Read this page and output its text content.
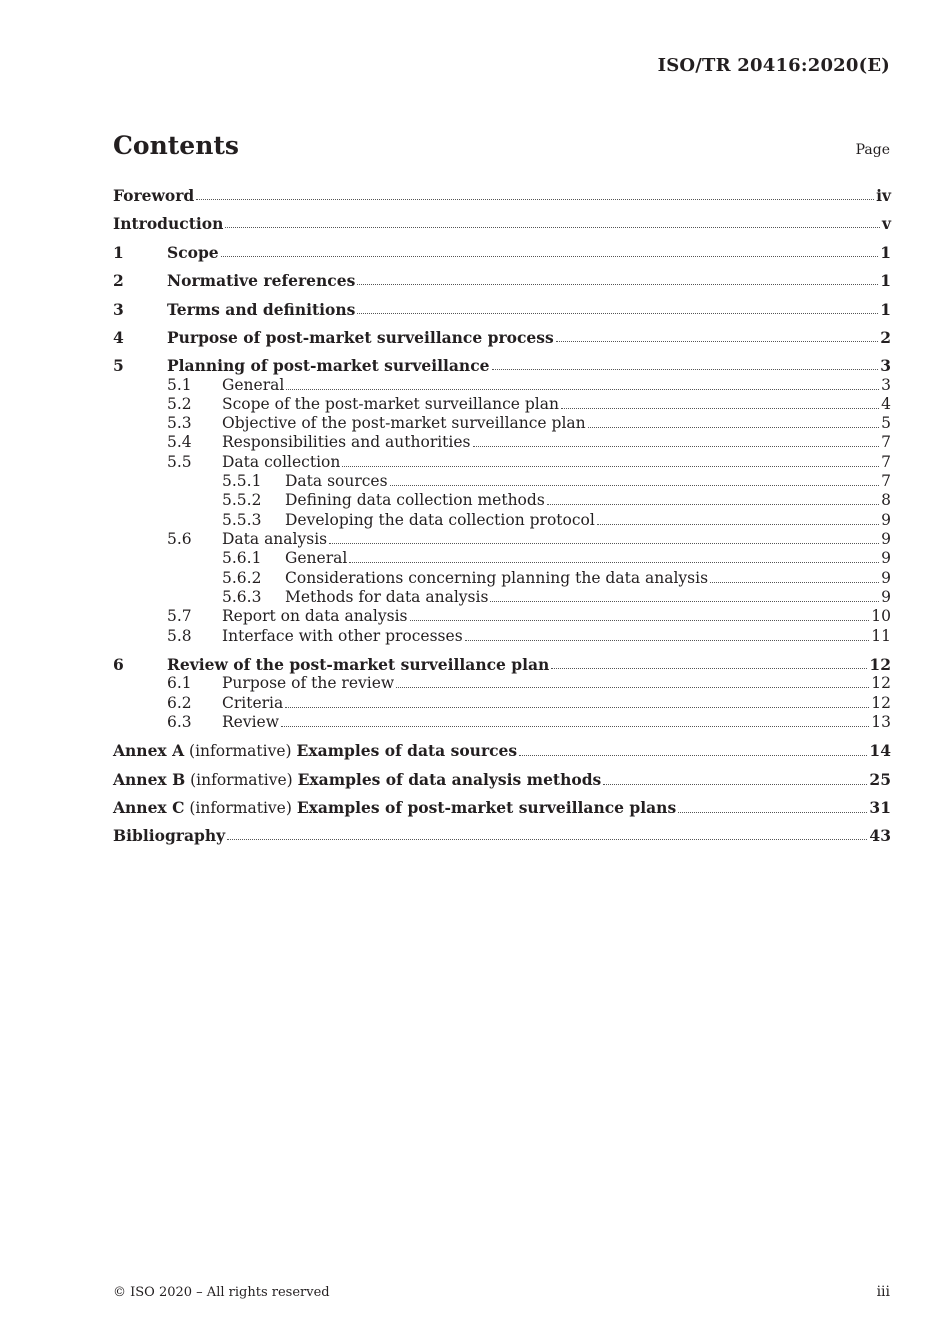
ISO/TR 20416:2020(E)
Contents	Page
Foreword	iv
Introduction	v
1	Scope	1
2	Normative references	1
3	Terms and definitions	1
4	Purpose of post-market surveillance process	2
5	Planning of post-market surveillance	3
5.1	General	3
5.2	Scope of the post-market surveillance plan	4
5.3	Objective of the post-market surveillance plan	5
5.4	Responsibilities and authorities	7
5.5	Data collection	7
5.5.1	Data sources	7
5.5.2	Defining data collection methods	8
5.5.3	Developing the data collection protocol	9
5.6	Data analysis	9
5.6.1	General	9
5.6.2	Considerations concerning planning the data analysis	9
5.6.3	Methods for data analysis	9
5.7	Report on data analysis	10
5.8	Interface with other processes	11
6	Review of the post-market surveillance plan	12
6.1	Purpose of the review	12
6.2	Criteria	12
6.3	Review	13
Annex A (informative) Examples of data sources	14
Annex B (informative) Examples of data analysis methods	25
Annex C (informative) Examples of post-market surveillance plans	31
Bibliography	43
© ISO 2020 – All rights reserved	iii
